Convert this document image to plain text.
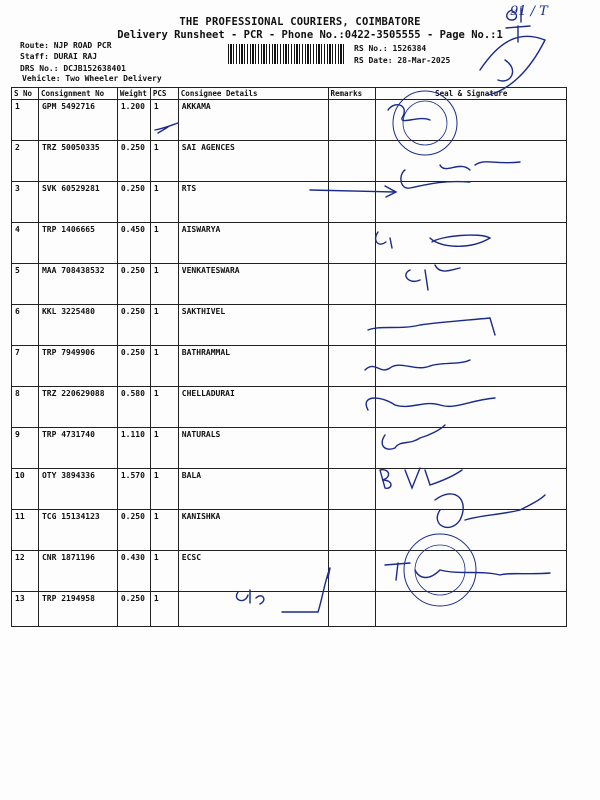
91 / T
THE PROFESSIONAL COURIERS, COIMBATORE
Delivery Runsheet - PCR - Phone No.:0422-3505555 - Page No.:1
Route: NJP ROAD PCR
Staff: DURAI RAJ
DRS No.: DCJB152638401
Vehicle: Two Wheeler Delivery
RS No.: 1526384
RS Date: 28-Mar-2025
S No	Consignment No	Weight	PCS	Consignee Details	Remarks	Seal & Signature
1	GPM 5492716	1.200	1	AKKAMA		
2	TRZ 50050335	0.250	1	SAI AGENCES		
3	SVK 60529281	0.250	1	RTS		
4	TRP 1406665	0.450	1	AISWARYA		
5	MAA 708438532	0.250	1	VENKATESWARA		
6	KKL 3225480	0.250	1	SAKTHIVEL		
7	TRP 7949906	0.250	1	BATHRAMMAL		
8	TRZ 220629088	0.580	1	CHELLADURAI		
9	TRP 4731740	1.110	1	NATURALS		
10	OTY 3894336	1.570	1	BALA		
11	TCG 15134123	0.250	1	KANISHKA		
12	CNR 1871196	0.430	1	ECSC		
13	TRP 2194958	0.250	1			
